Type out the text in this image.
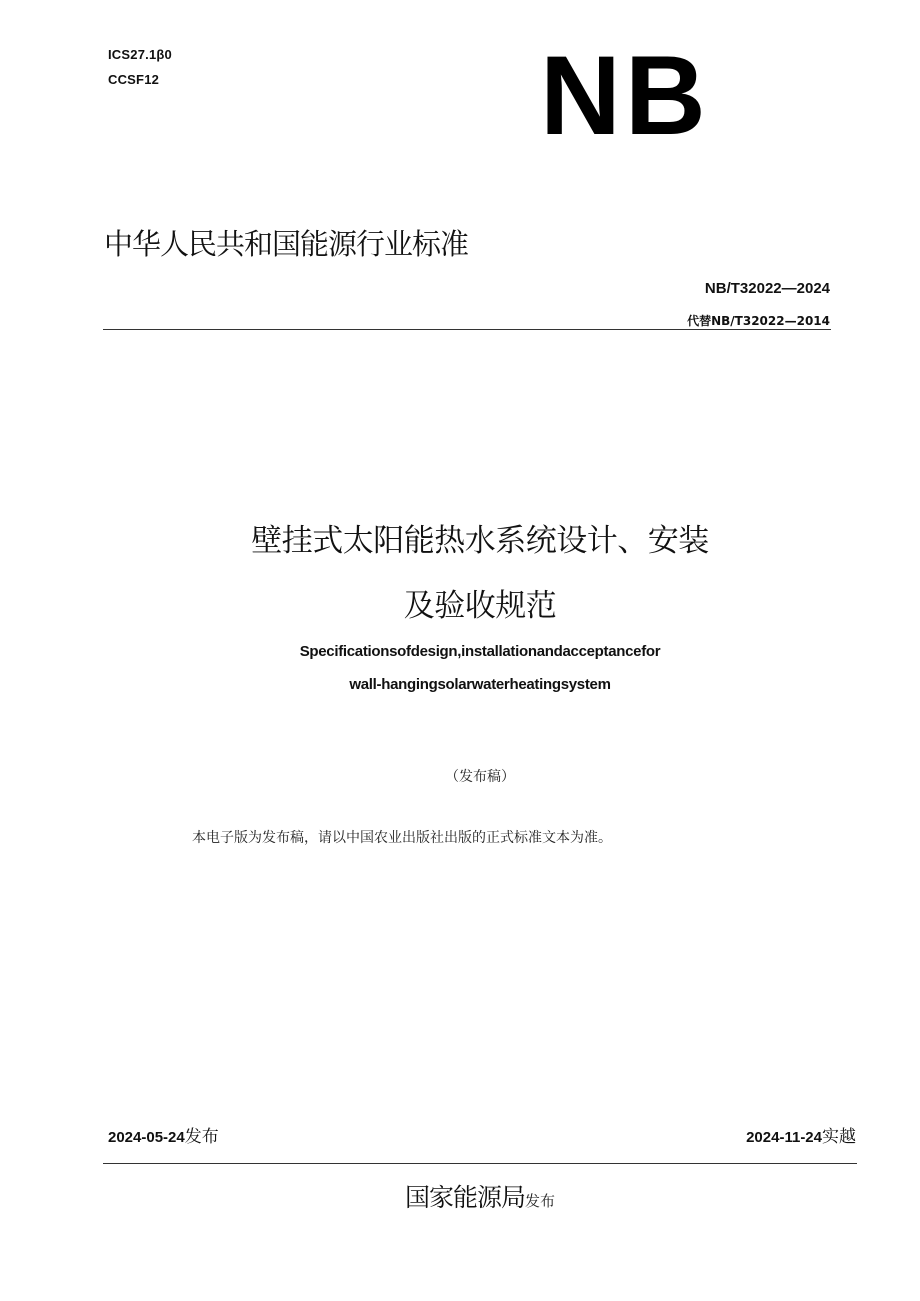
ICS27.1β0
CCSF12	NB
中华人民共和国能源行业标准
NB/T32022—2024
代替NB/T32022—2014
壁挂式太阳能热水系统设计、安装
及验收规范
Specificationsofdesign,installationandacceptancefor
wall-hangingsolarwaterheatingsystem
（发布稿）
本电子版为发布稿，请以中国农业出版社出版的正式标准文本为准。
2024-05-24发布	2024-11-24实越
国家能源局发布
